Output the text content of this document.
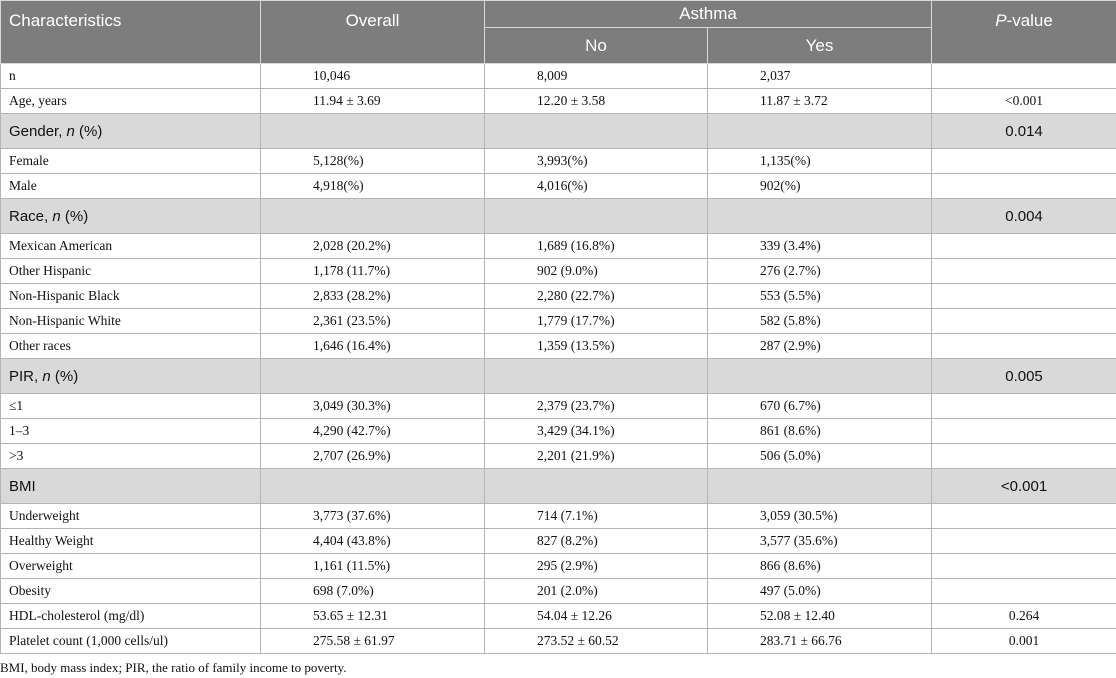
Characteristics	Overall	Asthma		P-value
		No	Yes	
n	10,046	8,009	2,037	
Age, years	11.94 ± 3.69	12.20 ± 3.58	11.87 ± 3.72	<0.001
Gender, n (%)				0.014
Female	5,128(%)	3,993(%)	1,135(%)	
Male	4,918(%)	4,016(%)	902(%)	
Race, n (%)				0.004
Mexican American	2,028 (20.2%)	1,689 (16.8%)	339 (3.4%)	
Other Hispanic	1,178 (11.7%)	902 (9.0%)	276 (2.7%)	
Non-Hispanic Black	2,833 (28.2%)	2,280 (22.7%)	553 (5.5%)	
Non-Hispanic White	2,361 (23.5%)	1,779 (17.7%)	582 (5.8%)	
Other races	1,646 (16.4%)	1,359 (13.5%)	287 (2.9%)	
PIR, n (%)				0.005
≤1	3,049 (30.3%)	2,379 (23.7%)	670 (6.7%)	
1–3	4,290 (42.7%)	3,429 (34.1%)	861 (8.6%)	
>3	2,707 (26.9%)	2,201 (21.9%)	506 (5.0%)	
BMI				<0.001
Underweight	3,773 (37.6%)	714 (7.1%)	3,059 (30.5%)	
Healthy Weight	4,404 (43.8%)	827 (8.2%)	3,577 (35.6%)	
Overweight	1,161 (11.5%)	295 (2.9%)	866 (8.6%)	
Obesity	698 (7.0%)	201 (2.0%)	497 (5.0%)	
HDL-cholesterol (mg/dl)	53.65 ± 12.31	54.04 ± 12.26	52.08 ± 12.40	0.264
Platelet count (1,000 cells/ul)	275.58 ± 61.97	273.52 ± 60.52	283.71 ± 66.76	0.001
BMI, body mass index; PIR, the ratio of family income to poverty.
